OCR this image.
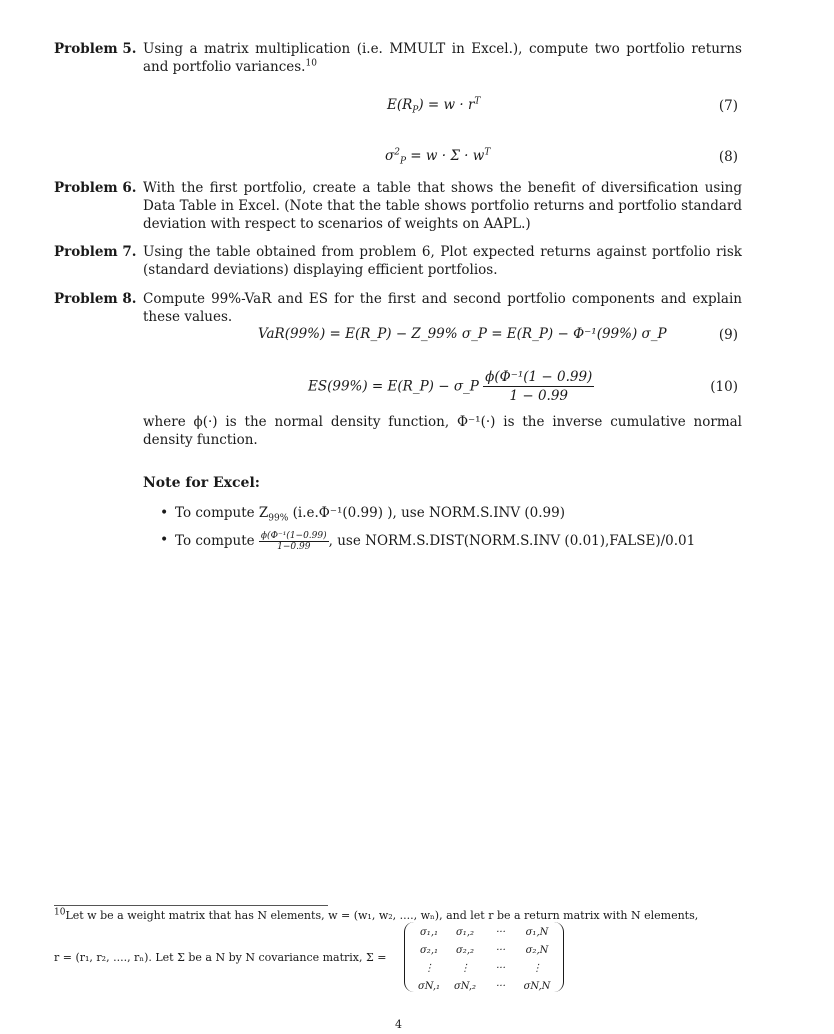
Problem 5. Using a matrix multiplication (i.e. MMULT in Excel.), compute two portfolio returns and portfolio variances.$^{10}$
$E(R_P) = w \cdot r^T$	(7)
$\sigma^2_P = w \cdot \Sigma \cdot w^T$	(8)
Problem 6. With the first portfolio, create a table that shows the benefit of diversification using Data Table in Excel. (Note that the table shows portfolio returns and portfolio standard deviation with respect to scenarios of weights on AAPL.)
Problem 7. Using the table obtained from problem 6, Plot expected returns against portfolio risk (standard deviations) displaying efficient portfolios.
Problem 8. Compute 99%-VaR and ES for the first and second portfolio components and explain these values.
VaR(99%) = E(R_P) − Z_99% σ_P = E(R_P) − Φ⁻¹(99%) σ_P	(9)
ES(99%) = E(R_P) − σ_P $\frac{\text{ϕ(Φ⁻¹(1 − 0.99)}}{1 - 0.99}$	(10)
where ϕ(·) is the normal density function, Φ⁻¹(·) is the inverse cumulative normal density function.
Note for Excel:
• To compute $Z_{99\%}$ (i.e.Φ⁻¹(0.99) ), use NORM.S.INV (0.99)
• To compute $\frac{\text{ϕ(Φ⁻¹(1−0.99)}}{1-0.99}$ , use NORM.S.DIST(NORM.S.INV (0.01),FALSE)/0.01
$^{10}$Let w be a weight matrix that has N elements, w = (w₁, w₂, ...., wₙ), and let r be a return matrix with N elements,
r = (r₁, r₂, ...., rₙ). Let Σ be a N by N covariance matrix, Σ =
σ₁,₁	σ₁,₂	···	σ₁,N
σ₂,₁	σ₂,₂	···	σ₂,N
⋮	⋮	···	⋮
σN,₁	σN,₂	···	σN,N
4
